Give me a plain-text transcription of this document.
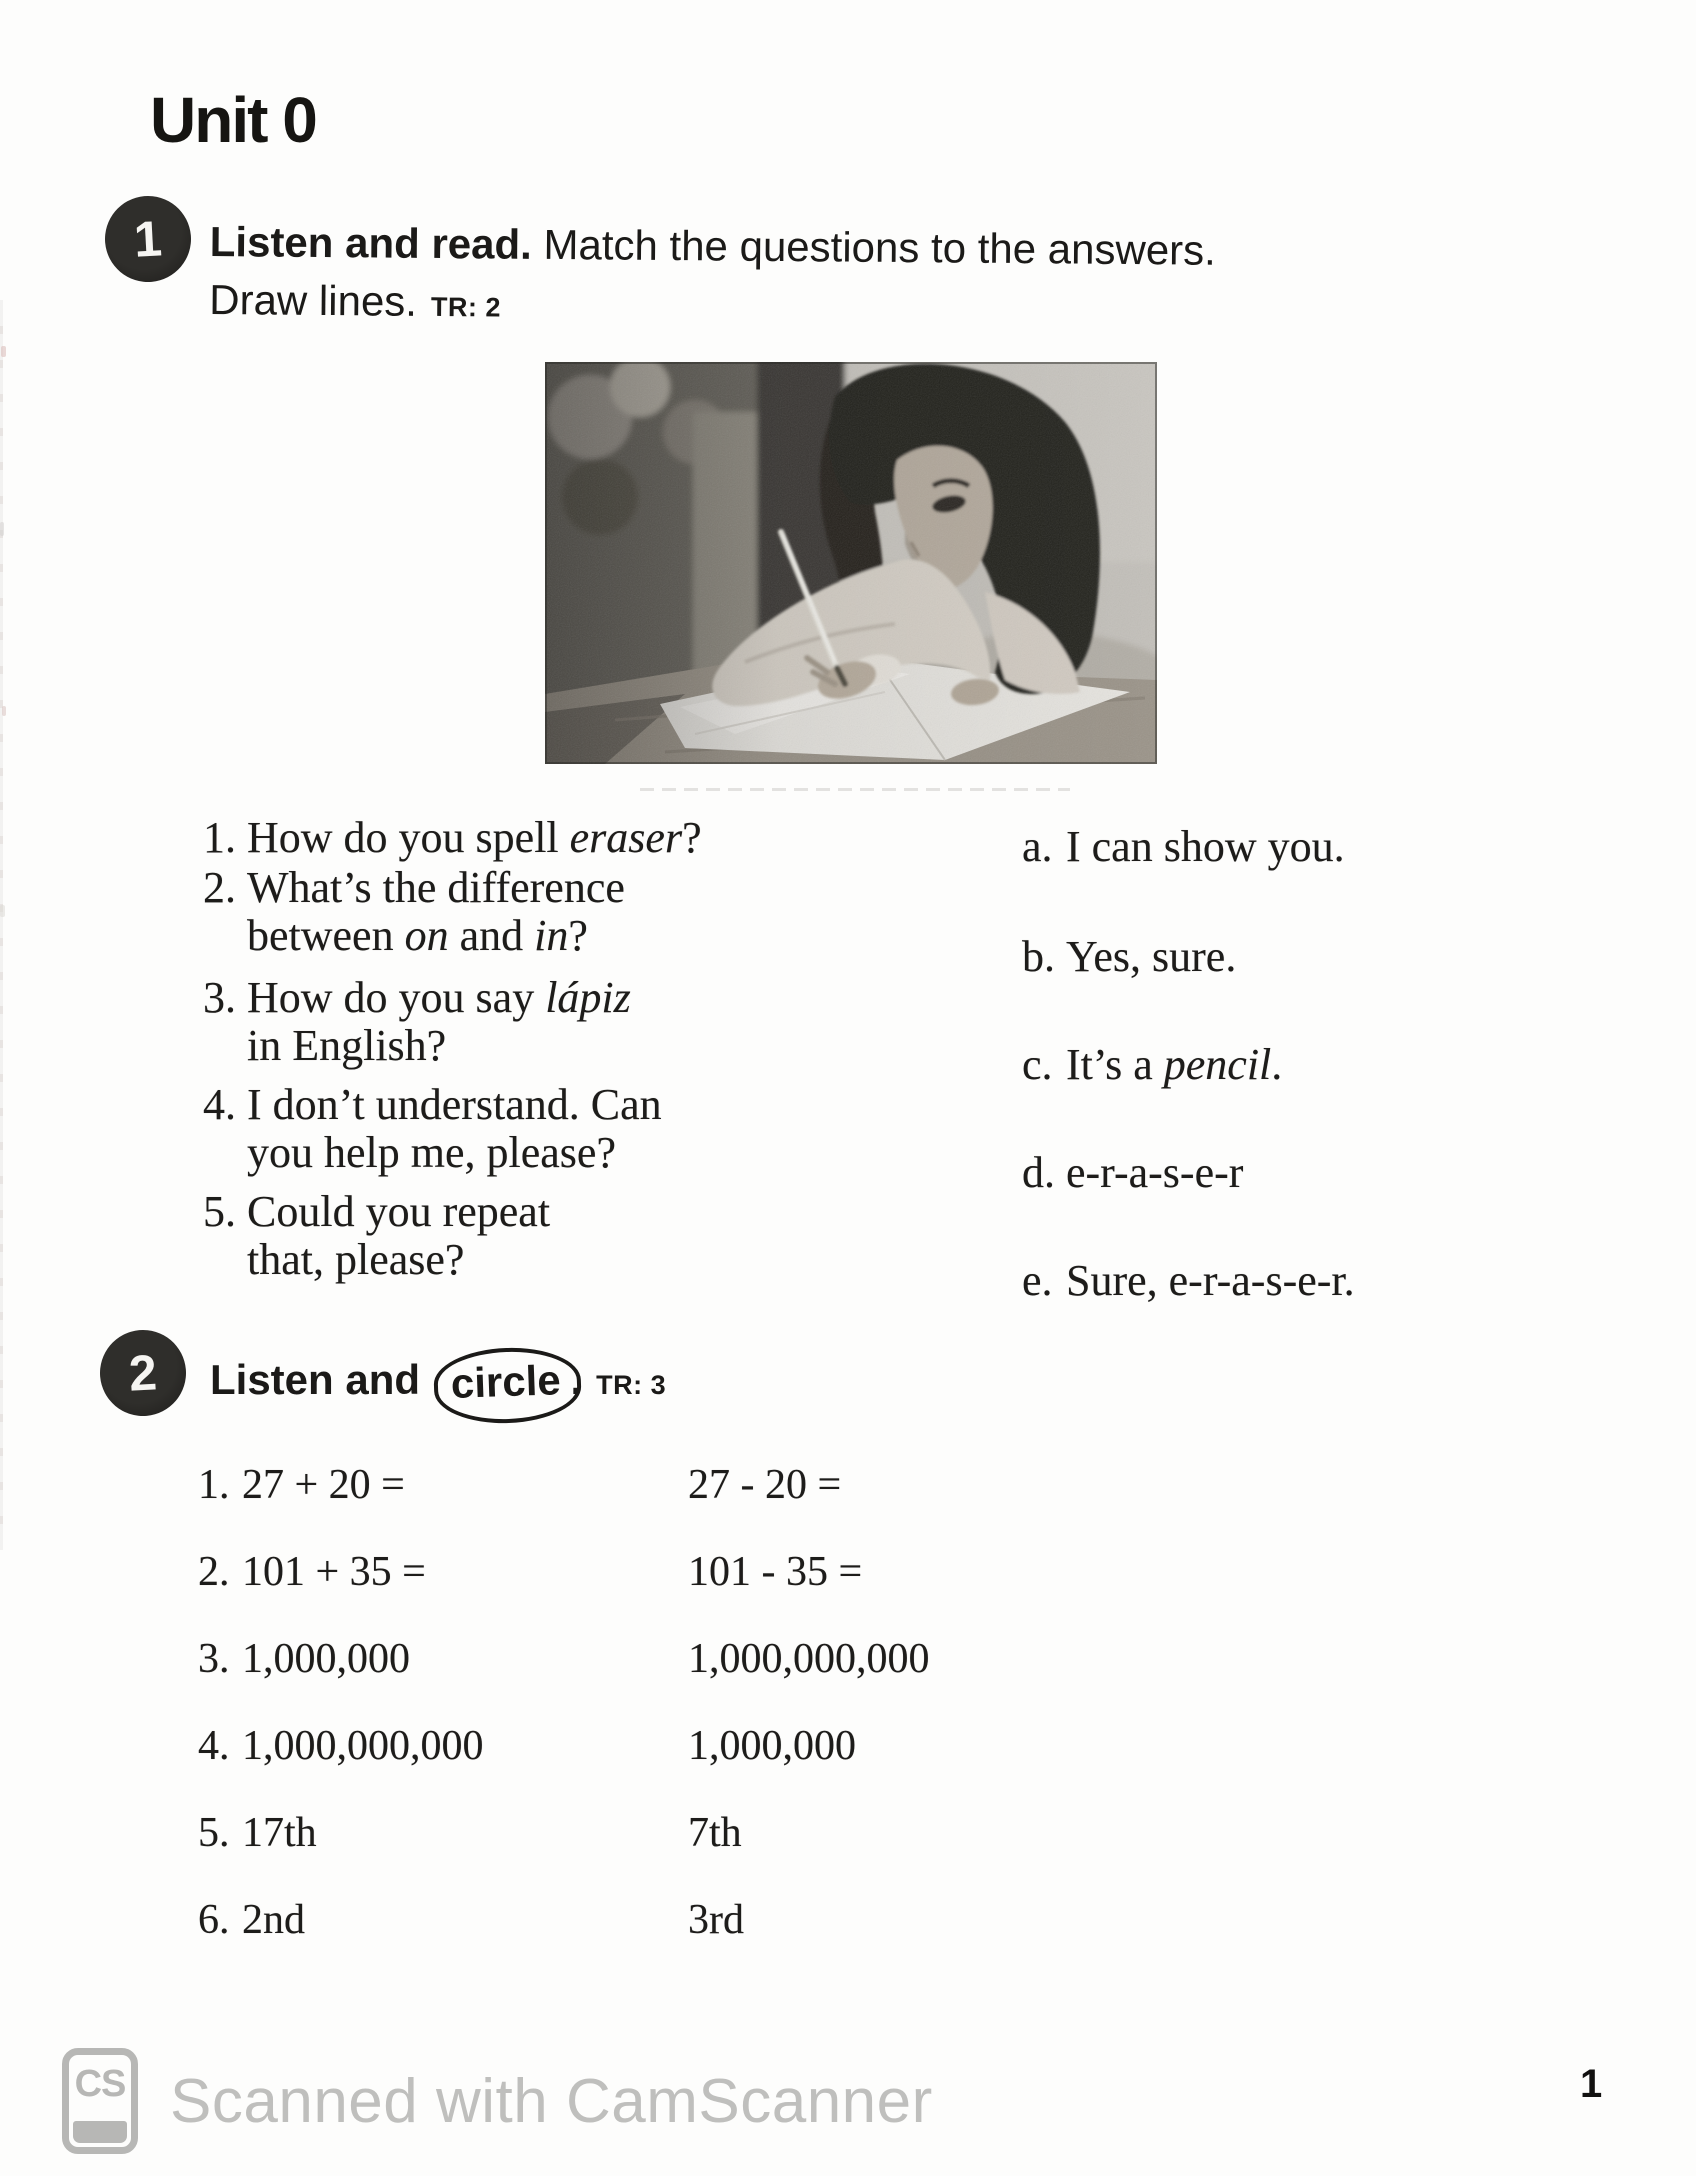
Unit 0
1 Listen and read. Match the questions to the answers.
Draw lines. TR: 2
1. How do you spell eraser?
2. What’s the difference
between on and in?
3. How do you say lápiz
in English?
4. I don’t understand. Can
you help me, please?
5. Could you repeat
that, please?
a. I can show you.
b. Yes, sure.
c. It’s a pencil.
d. e-r-a-s-e-r
e. Sure, e-r-a-s-e-r.
2 Listen and circle . TR: 3
1. 27 + 20 =	27 - 20 =
2. 101 + 35 =	101 - 35 =
3. 1,000,000	1,000,000,000
4. 1,000,000,000	1,000,000
5. 17th	7th
6. 2nd	3rd
CS Scanned with CamScanner	1
